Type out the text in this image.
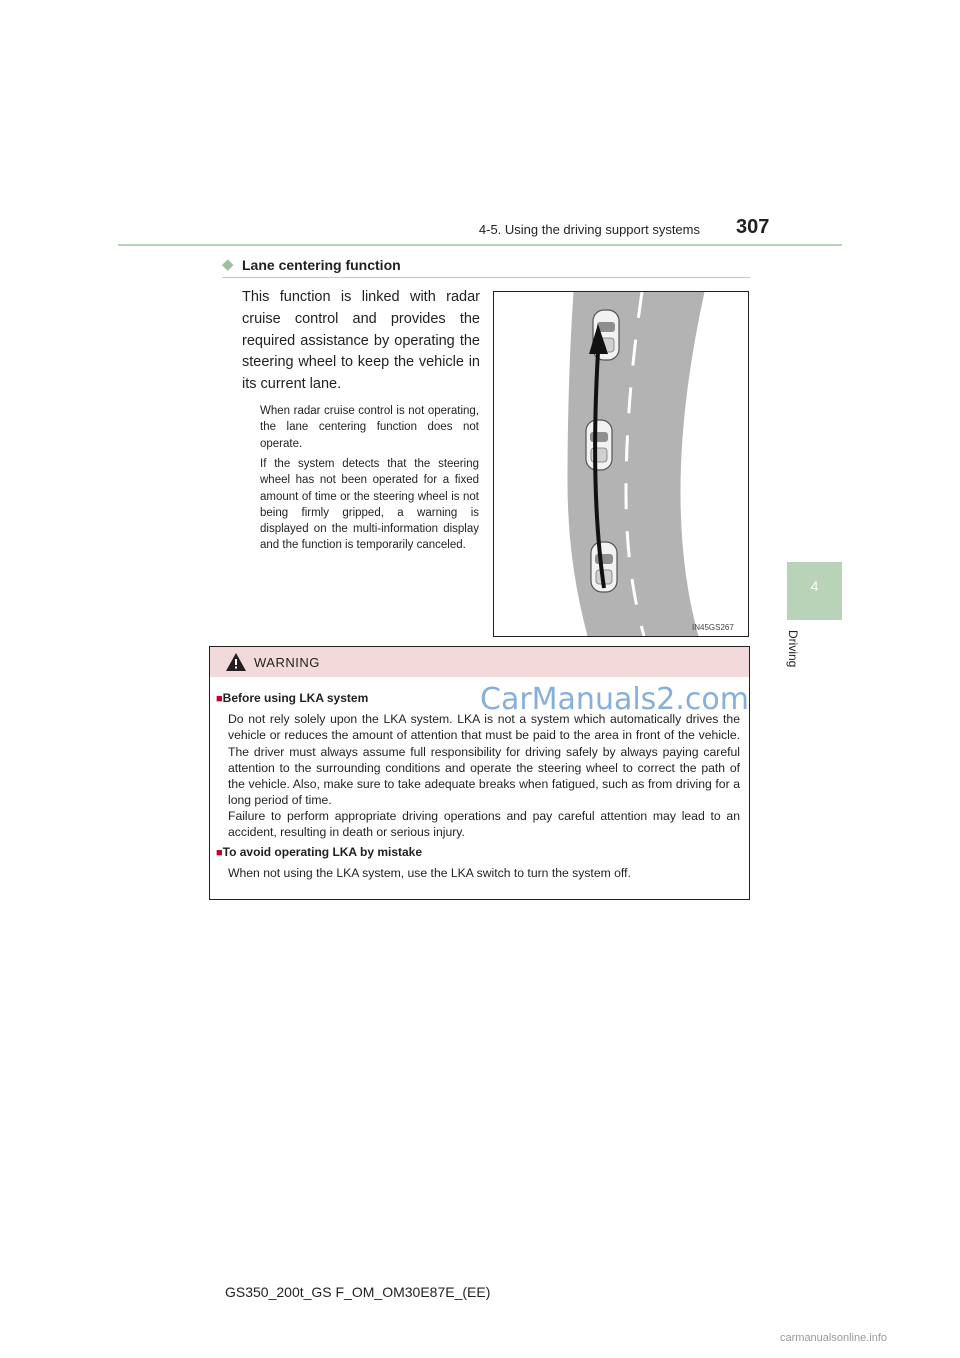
4-5. Using the driving support systems 307
4
Driving
◆ Lane centering function
This function is linked with radar cruise control and provides the required assistance by operating the steering wheel to keep the vehicle in its current lane.
When radar cruise control is not operating, the lane centering function does not operate.
If the system detects that the steering wheel has not been operated for a fixed amount of time or the steering wheel is not being firmly gripped, a warning is displayed on the multi-information display and the function is temporarily canceled.
IN45GS267
WARNING
■Before using LKA system
Do not rely solely upon the LKA system. LKA is not a system which automatically drives the vehicle or reduces the amount of attention that must be paid to the area in front of the vehicle. The driver must always assume full responsibility for driving safely by always paying careful attention to the surrounding conditions and operate the steering wheel to correct the path of the vehicle. Also, make sure to take adequate breaks when fatigued, such as from driving for a long period of time.
Failure to perform appropriate driving operations and pay careful attention may lead to an accident, resulting in death or serious injury.
■To avoid operating LKA by mistake
When not using the LKA system, use the LKA switch to turn the system off.
CarManuals2.com
GS350_200t_GS F_OM_OM30E87E_(EE)
carmanualsonline.info
